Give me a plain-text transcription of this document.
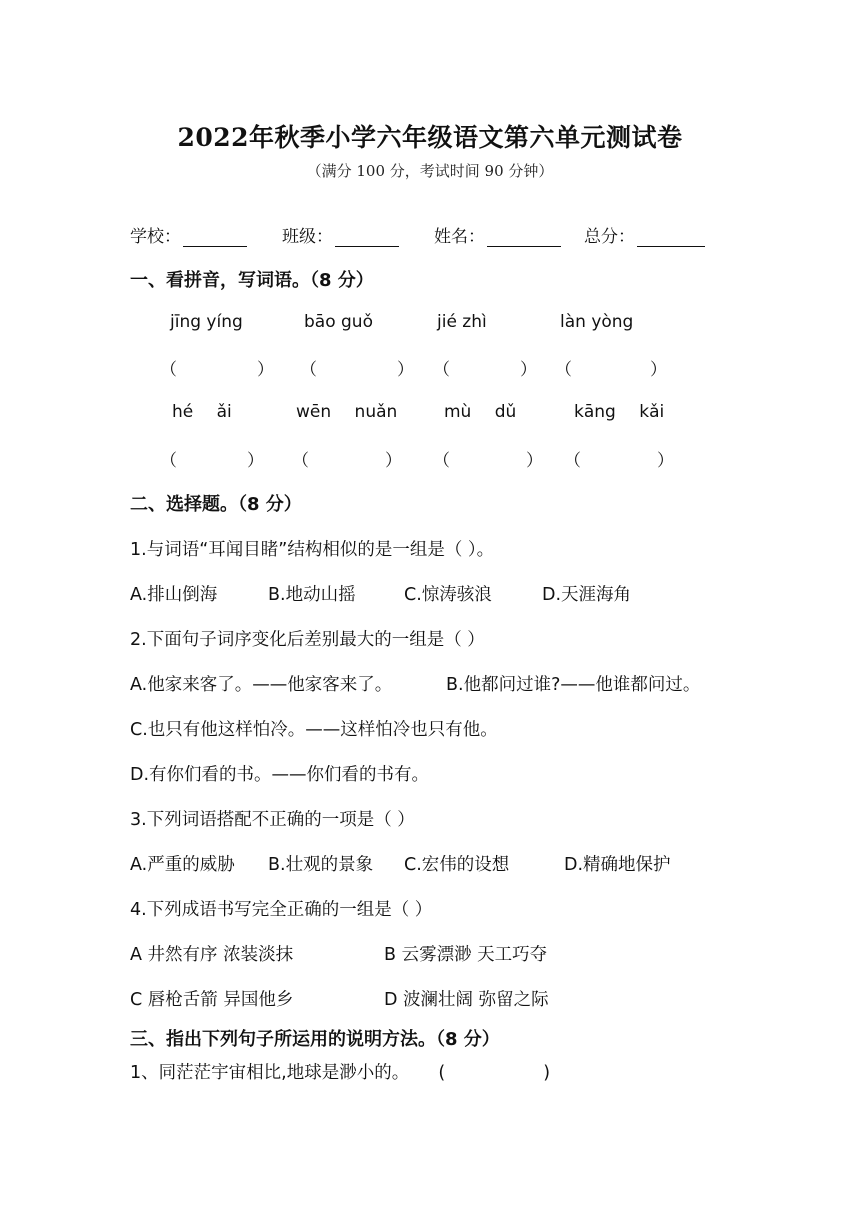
2022年秋季小学六年级语文第六单元测试卷
（满分 100 分，考试时间 90 分钟）
学校：	班级：	姓名：	总分：
一、看拼音，写词语。（8 分）
jīng yíng	bāo guǒ	jié zhì	làn yòng
（	） （	） （	） （	）
hé ǎi	wēn nuǎn	mù dǔ	kāng kǎi
（	） （	） （	） （	）
二、选择题。（8 分）
1.与词语“耳闻目睹”结构相似的是一组是（ ）。
A.排山倒海	B.地动山摇	C.惊涛骇浪	D.天涯海角
2.下面句子词序变化后差别最大的一组是（ ）
A.他家来客了。——他家客来了。	B.他都问过谁?——他谁都问过。
C.也只有他这样怕冷。——这样怕冷也只有他。
D.有你们看的书。——你们看的书有。
3.下列词语搭配不正确的一项是（ ）
A.严重的威胁 B.壮观的景象 C.宏伟的设想	D.精确地保护
4.下列成语书写完全正确的一组是（ ）
A 井然有序 浓装淡抹	B 云雾漂渺 天工巧夺
C 唇枪舌箭 异国他乡	D 波澜壮阔 弥留之际
三、指出下列句子所运用的说明方法。（8 分）
1、同茫茫宇宙相比,地球是渺小的。 (	)
